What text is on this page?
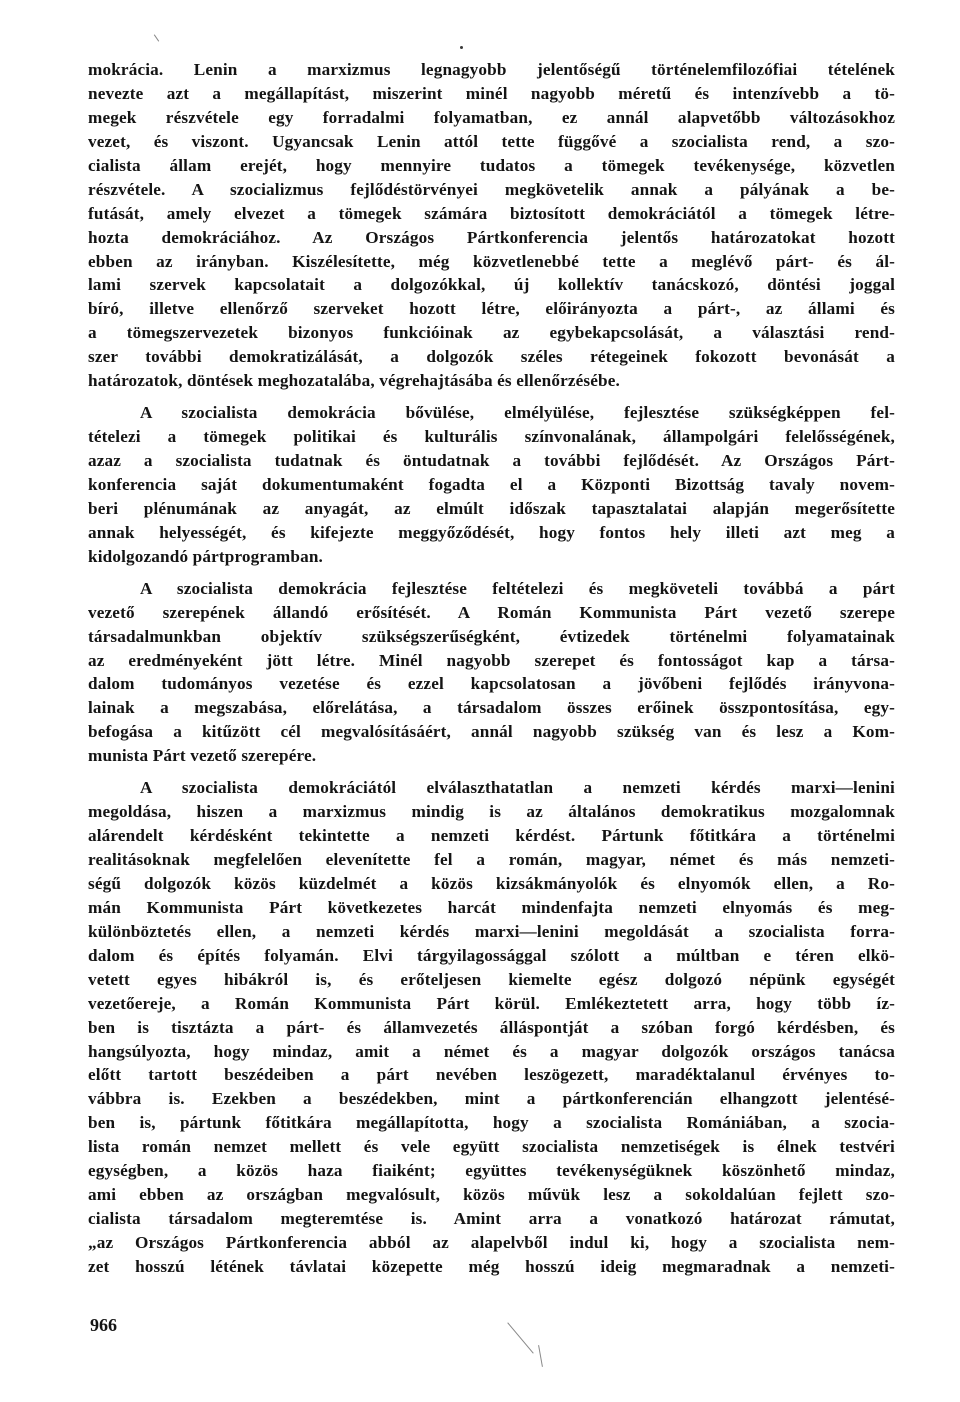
mokrácia. Lenin a marxizmus legnagyobb jelentőségű történelemfilozófiai tételének
nevezte azt a megállapítást, miszerint minél nagyobb méretű és intenzívebb a tö-
megek részvétele egy forradalmi folyamatban, ez annál alapvetőbb változásokhoz
vezet, és viszont. Ugyancsak Lenin attól tette függővé a szocialista rend, a szo-
cialista állam erejét, hogy mennyire tudatos a tömegek tevékenysége, közvetlen
részvétele. A szocializmus fejlődéstörvényei megkövetelik annak a pályának a be-
futását, amely elvezet a tömegek számára biztosított demokráciától a tömegek létre-
hozta demokráciához. Az Országos Pártkonferencia jelentős határozatokat hozott
ebben az irányban. Kiszélesítette, még közvetlenebbé tette a meglévő párt- és ál-
lami szervek kapcsolatait a dolgozókkal, új kollektív tanácskozó, döntési joggal
bíró, illetve ellenőrző szerveket hozott létre, előirányozta a párt-, az állami és
a tömegszervezetek bizonyos funkcióinak az egybekapcsolását, a választási rend-
szer további demokratizálását, a dolgozók széles rétegeinek fokozott bevonását a
határozatok, döntések meghozatalába, végrehajtásába és ellenőrzésébe.
A szocialista demokrácia bővülése, elmélyülése, fejlesztése szükségképpen fel-
tételezi a tömegek politikai és kulturális színvonalának, állampolgári felelősségének,
azaz a szocialista tudatnak és öntudatnak a további fejlődését. Az Országos Párt-
konferencia saját dokumentumaként fogadta el a Központi Bizottság tavaly novem-
beri plénumának az anyagát, az elmúlt időszak tapasztalatai alapján megerősítette
annak helyességét, és kifejezte meggyőződését, hogy fontos hely illeti azt meg a
kidolgozandó pártprogramban.
A szocialista demokrácia fejlesztése feltételezi és megköveteli továbbá a párt
vezető szerepének állandó erősítését. A Román Kommunista Párt vezető szerepe
társadalmunkban objektív szükségszerűségként, évtizedek történelmi folyamatainak
az eredményeként jött létre. Minél nagyobb szerepet és fontosságot kap a társa-
dalom tudományos vezetése és ezzel kapcsolatosan a jövőbeni fejlődés irányvona-
lainak a megszabása, előrelátása, a társadalom összes erőinek összpontosítása, egy-
befogása a kitűzött cél megvalósításáért, annál nagyobb szükség van és lesz a Kom-
munista Párt vezető szerepére.
A szocialista demokráciától elválaszthatatlan a nemzeti kérdés marxi—lenini
megoldása, hiszen a marxizmus mindig is az általános demokratikus mozgalomnak
alárendelt kérdésként tekintette a nemzeti kérdést. Pártunk főtitkára a történelmi
realitásoknak megfelelően elevenítette fel a román, magyar, német és más nemzeti-
ségű dolgozók közös küzdelmét a közös kizsákmányolók és elnyomók ellen, a Ro-
mán Kommunista Párt következetes harcát mindenfajta nemzeti elnyomás és meg-
különböztetés ellen, a nemzeti kérdés marxi—lenini megoldását a szocialista forra-
dalom és építés folyamán. Elvi tárgyilagossággal szólott a múltban e téren elkö-
vetett egyes hibákról is, és erőteljesen kiemelte egész dolgozó népünk egységét
vezetőereje, a Román Kommunista Párt körül. Emlékeztetett arra, hogy több íz-
ben is tisztázta a párt- és államvezetés álláspontját a szóban forgó kérdésben, és
hangsúlyozta, hogy mindaz, amit a német és a magyar dolgozók országos tanácsa
előtt tartott beszédeiben a párt nevében leszögezett, maradéktalanul érvényes to-
vábbra is. Ezekben a beszédekben, mint a pártkonferencián elhangzott jelentésé-
ben is, pártunk főtitkára megállapította, hogy a szocialista Romániában, a szocia-
lista román nemzet mellett és vele együtt szocialista nemzetiségek is élnek testvéri
egységben, a közös haza fiaiként; együttes tevékenységüknek köszönhető mindaz,
ami ebben az országban megvalósult, közös művük lesz a sokoldalúan fejlett szo-
cialista társadalom megteremtése is. Amint arra a vonatkozó határozat rámutat,
„az Országos Pártkonferencia abból az alapelvből indul ki, hogy a szocialista nem-
zet hosszú létének távlatai közepette még hosszú ideig megmaradnak a nemzeti-
966
